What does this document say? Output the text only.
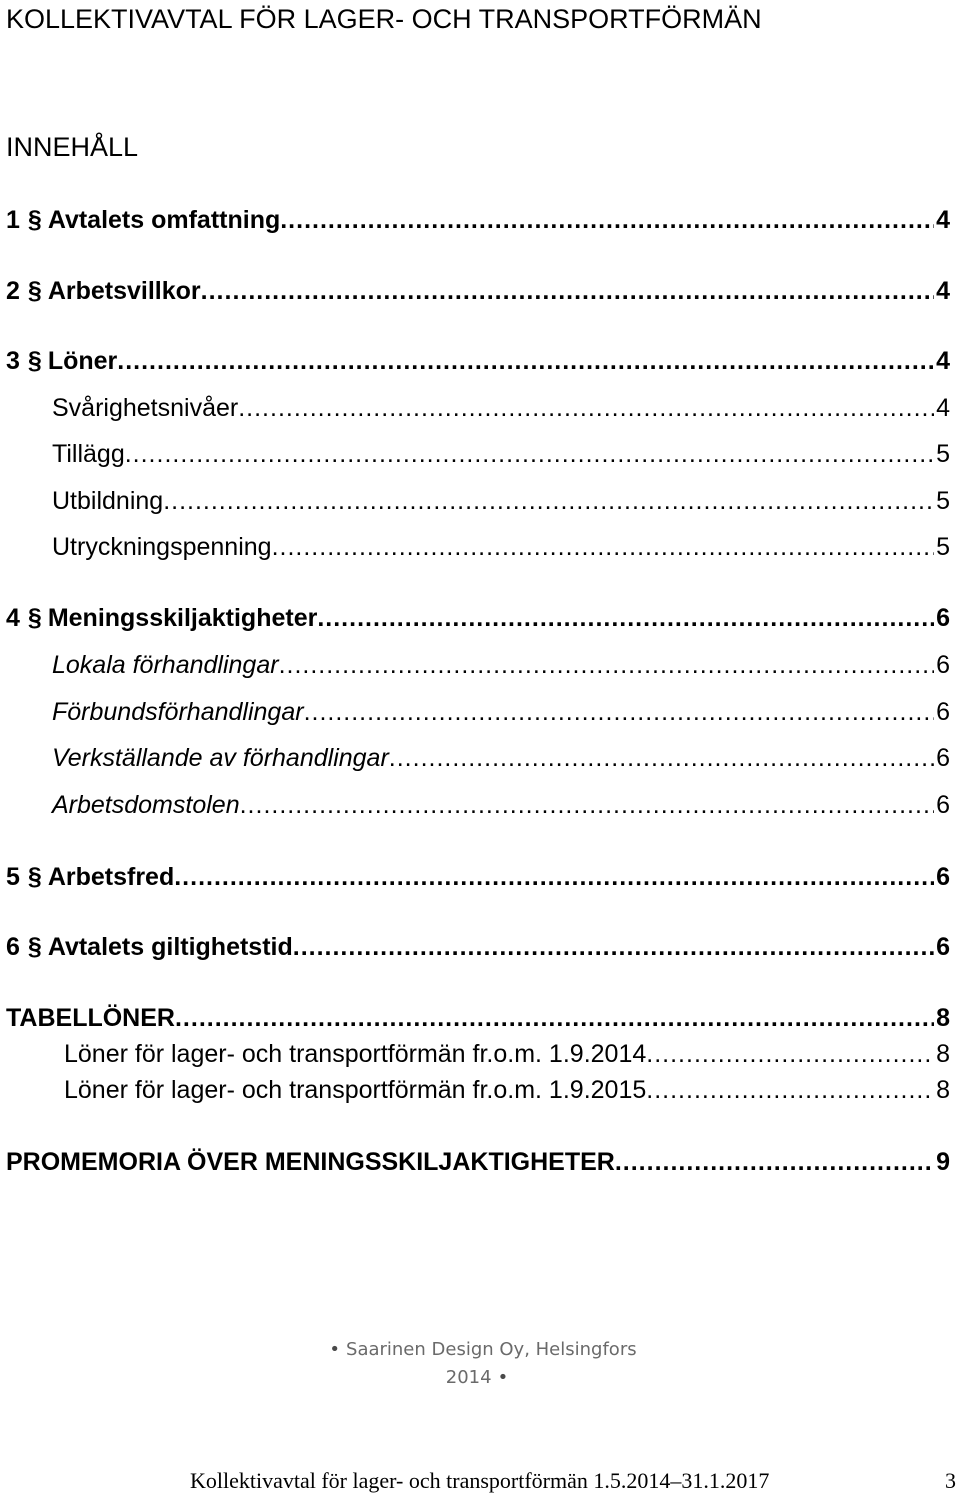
KOLLEKTIVAVTAL FÖR LAGER- OCH TRANSPORTFÖRMÄN
INNEHÅLL
1 § Avtalets omfattning .....	4
2 § Arbetsvillkor .....	4
3 § Löner .....	4
Svårighetsnivåer .....	4
Tillägg .....	5
Utbildning .....	5
Utryckningspenning .....	5
4 § Meningsskiljaktigheter .....	6
Lokala förhandlingar .....	6
Förbundsförhandlingar .....	6
Verkställande av förhandlingar .....	6
Arbetsdomstolen .....	6
5 § Arbetsfred .....	6
6 § Avtalets giltighetstid .....	6
TABELLÖNER .....	8
Löner för lager- och transportförmän fr.o.m. 1.9.2014 .....	8
Löner för lager- och transportförmän fr.o.m. 1.9.2015 .....	8
PROMEMORIA ÖVER MENINGSSKILJAKTIGHETER .....	9
• Saarinen Design Oy, Helsingfors
2014 •
Kollektivavtal för lager- och transportförmän 1.5.2014–31.1.2017	3
